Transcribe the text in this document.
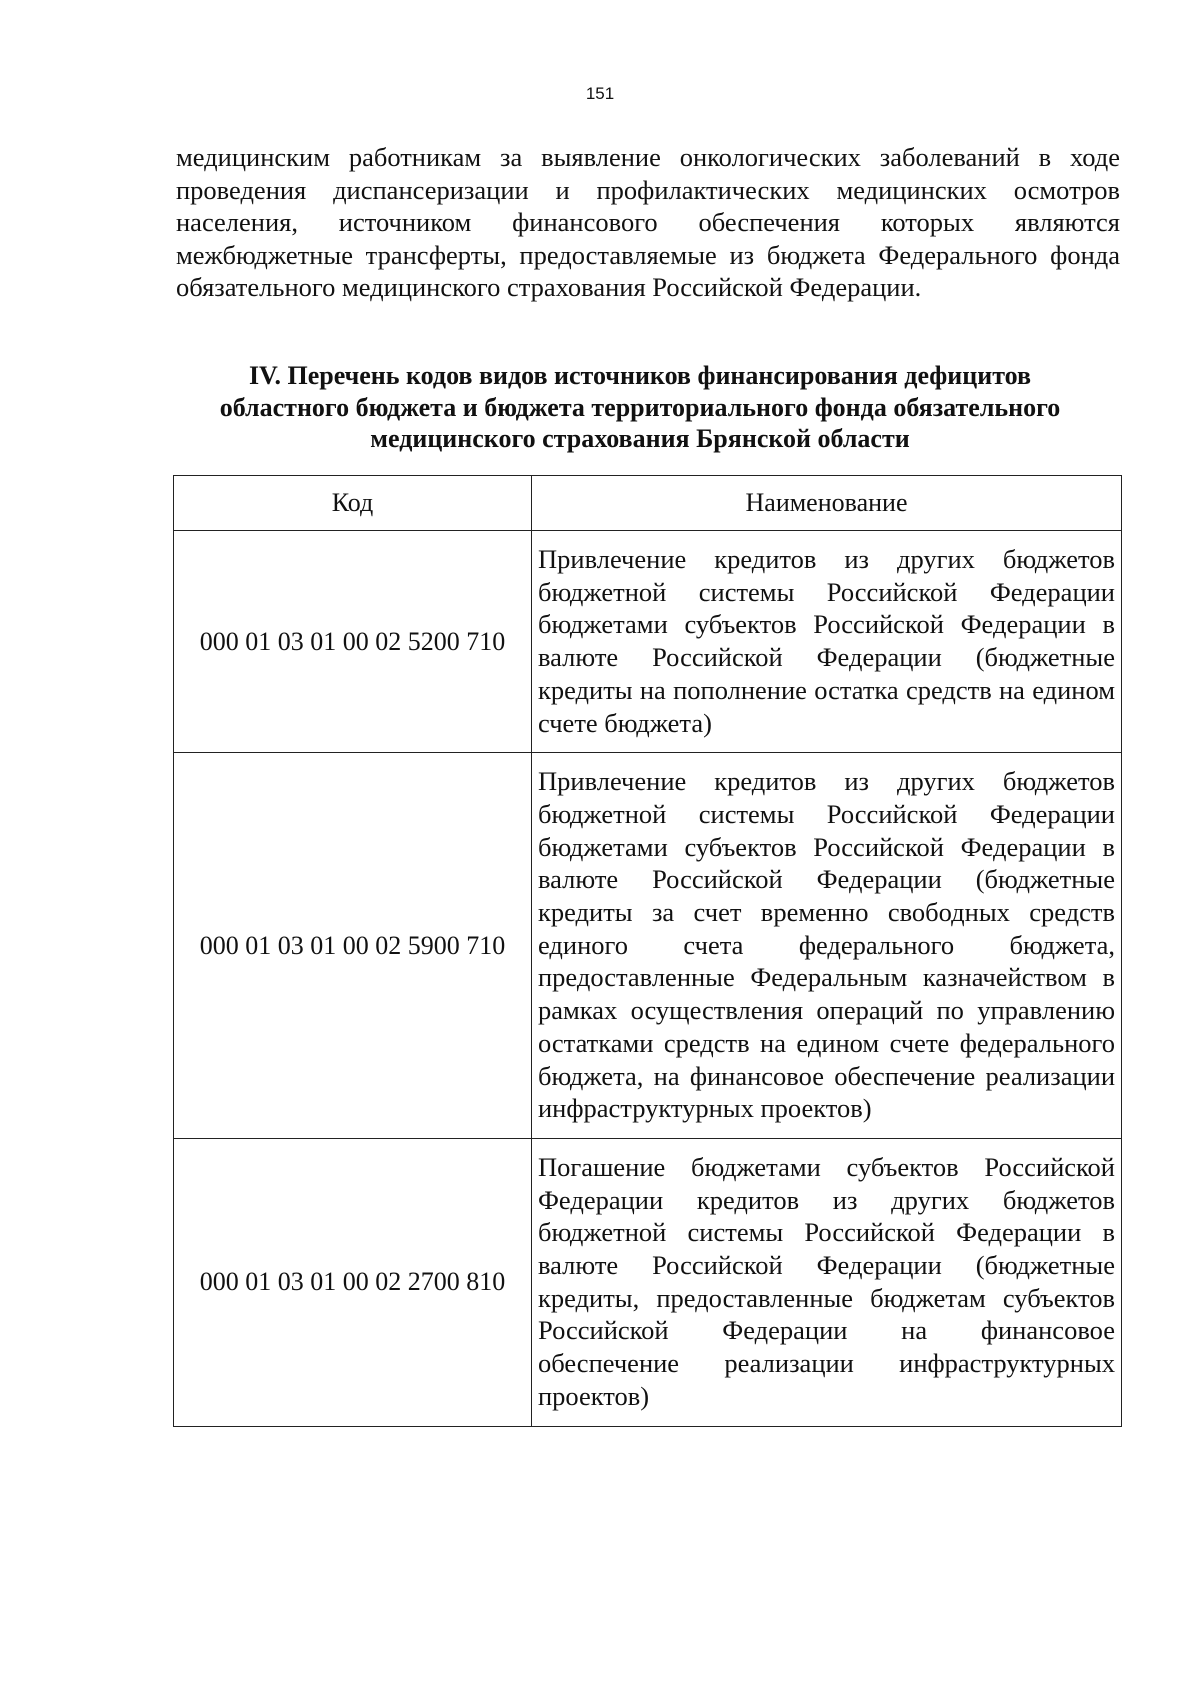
151

медицинским работникам за выявление онкологических заболеваний в ходе проведения диспансеризации и профилактических медицинских осмотров населения, источником финансового обеспечения которых являются межбюджетные трансферты, предоставляемые из бюджета Федерального фонда обязательного медицинского страхования Российской Федерации.

IV. Перечень кодов видов источников финансирования дефицитов
областного бюджета и бюджета территориального фонда обязательного
медицинского страхования Брянской области
Код	Наименование
000 01 03 01 00 02 5200 710	Привлечение кредитов из других бюджетов бюджетной системы Российской Федерации бюджетами субъектов Российской Федерации в валюте Российской Федерации (бюджетные кредиты на пополнение остатка средств на едином счете бюджета)
000 01 03 01 00 02 5900 710	Привлечение кредитов из других бюджетов бюджетной системы Российской Федерации бюджетами субъектов Российской Федерации в валюте Российской Федерации (бюджетные кредиты за счет временно свободных средств единого счета федерального бюджета, предоставленные Федеральным казначейством в рамках осуществления операций по управлению остатками средств на едином счете федерального бюджета, на финансовое обеспечение реализации инфраструктурных проектов)
000 01 03 01 00 02 2700 810	Погашение бюджетами субъектов Российской Федерации кредитов из других бюджетов бюджетной системы Российской Федерации в валюте Российской Федерации (бюджетные кредиты, предоставленные бюджетам субъектов Российской Федерации на финансовое обеспечение реализации инфраструктурных проектов)
